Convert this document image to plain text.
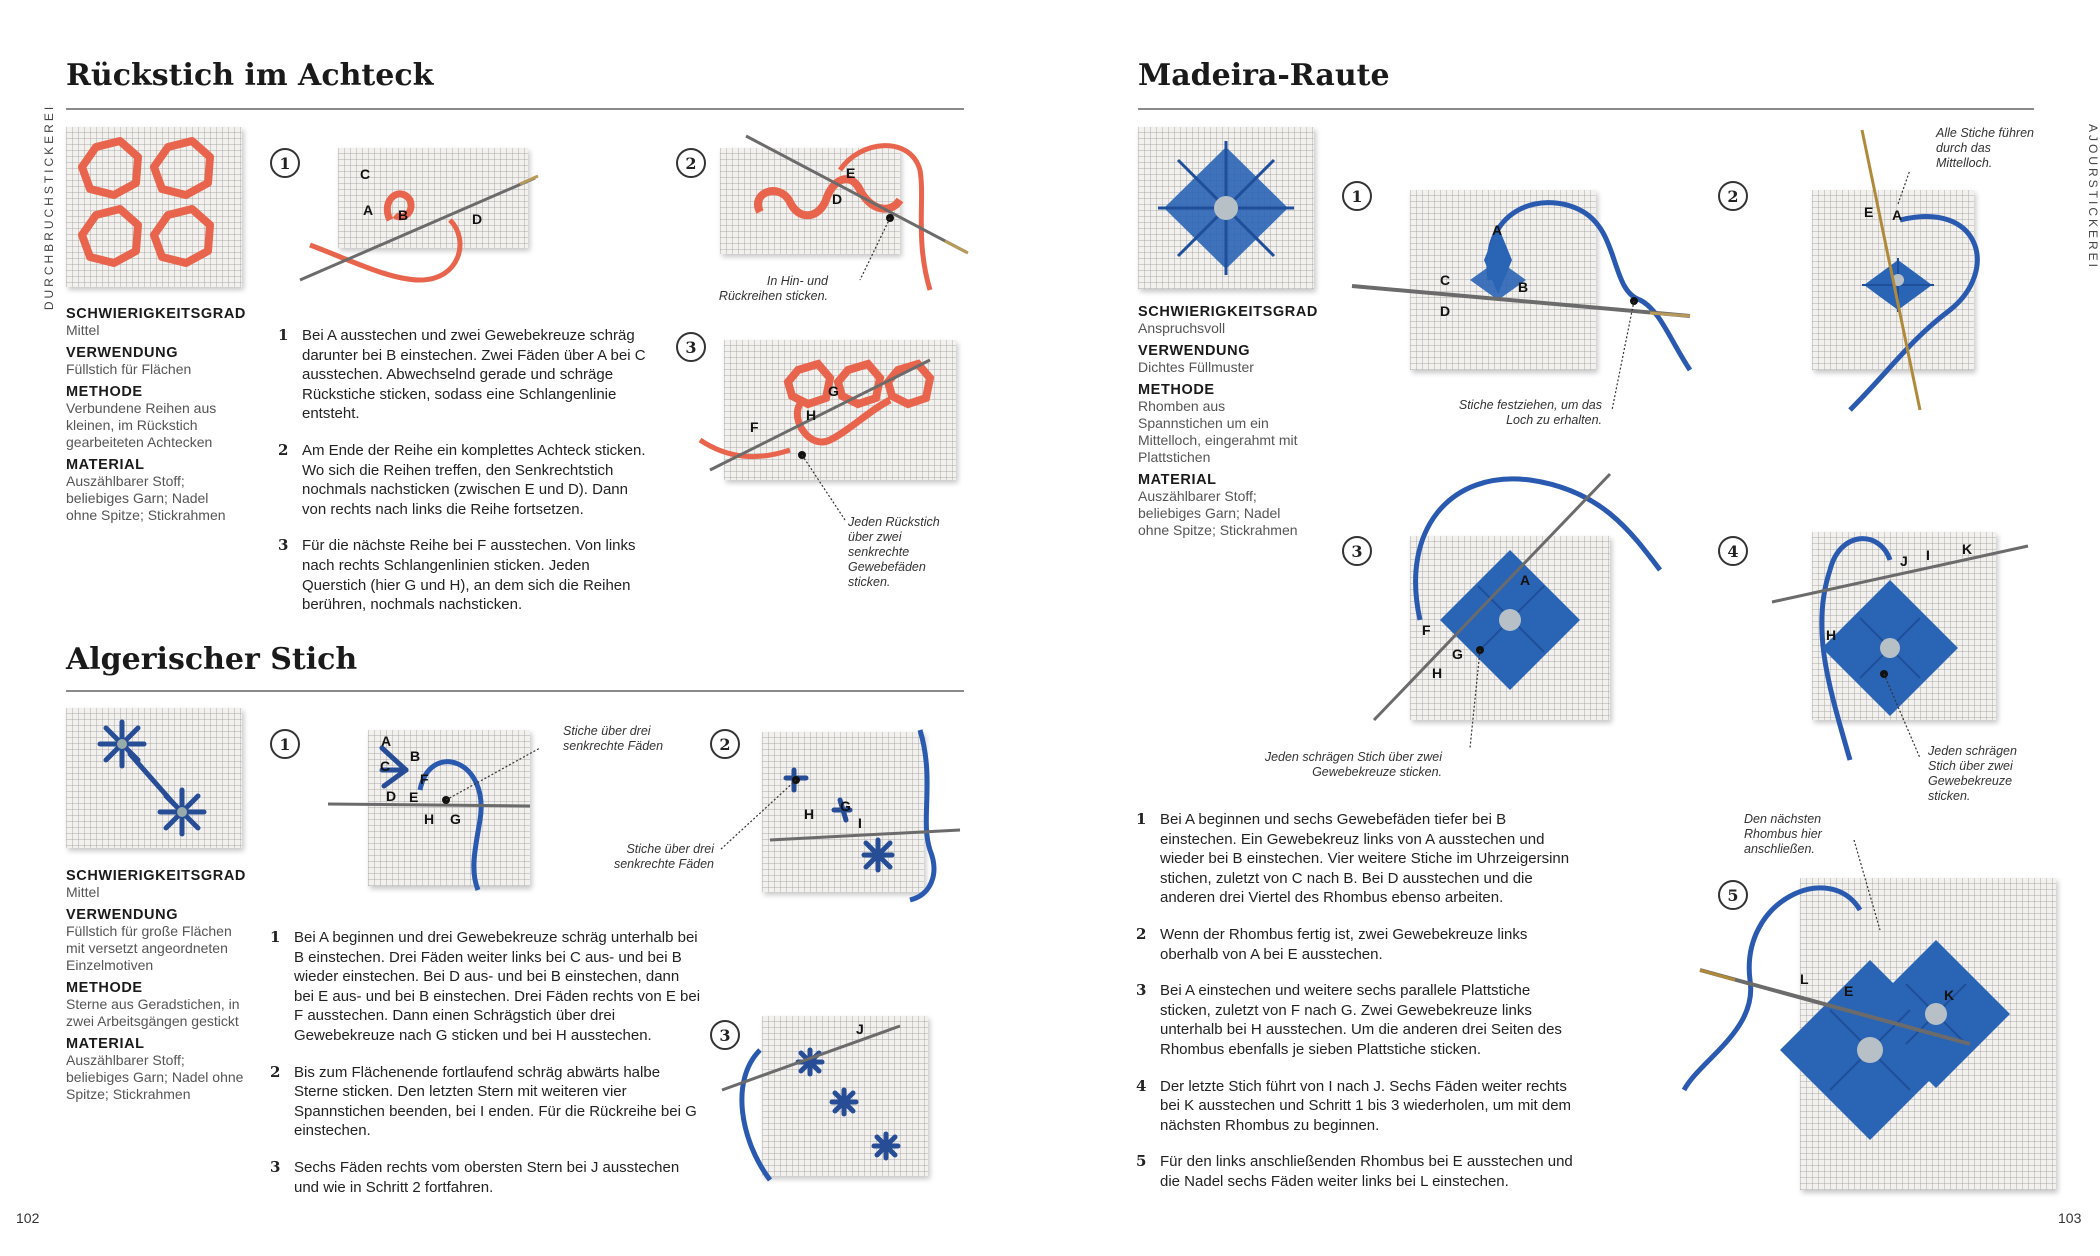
DURCHBRUCHSTICKEREI
102
Rückstich im Achteck
SCHWIERIGKEITSGRAD
Mittel
VERWENDUNG
Füllstich für Flächen
METHODE
Verbundene Reihen aus kleinen, im Rückstich gearbeiteten Achtecken
MATERIAL
Auszählbarer Stoff; beliebiges Garn; Nadel ohne Spitze; Stickrahmen
1 Bei A ausstechen und zwei Gewebekreuze schräg darunter bei B einstechen. Zwei Fäden über A bei C ausstechen. Abwechselnd gerade und schräge Rückstiche sticken, sodass eine Schlangenlinie entsteht.
2 Am Ende der Reihe ein komplettes Achteck sticken. Wo sich die Reihen treffen, den Senkrechtstich nochmals nachsticken (zwischen E und D). Dann von rechts nach links die Reihe fortsetzen.
3 Für die nächste Reihe bei F ausstechen. Von links nach rechts Schlangenlinien sticken. Jeden Querstich (hier G und H), an dem sich die Reihen berühren, nochmals nachsticken.
1
C
A B	D
2
E
D
In Hin- und Rückreihen sticken.
3
G
H
F
Jeden Rückstich über zwei senkrechte Gewebefäden sticken.
Algerischer Stich
SCHWIERIGKEITSGRAD
Mittel
VERWENDUNG
Füllstich für große Flächen mit versetzt angeordneten Einzelmotiven
METHODE
Sterne aus Geradstichen, in zwei Arbeitsgängen gestickt
MATERIAL
Auszählbarer Stoff; beliebiges Garn; Nadel ohne Spitze; Stickrahmen
1 Bei A beginnen und drei Gewebekreuze schräg unterhalb bei B einstechen. Drei Fäden weiter links bei C aus- und bei B wieder einstechen. Bei D aus- und bei B einstechen, dann bei E aus- und bei B einstechen. Drei Fäden rechts von E bei F ausstechen. Dann einen Schrägstich über drei Gewebekreuze nach G sticken und bei H ausstechen.
2 Bis zum Flächenende fortlaufend schräg abwärts halbe Sterne sticken. Den letzten Stern mit weiteren vier Spannstichen beenden, bei I enden. Für die Rückreihe bei G einstechen.
3 Sechs Fäden rechts vom obersten Stern bei J ausstechen und wie in Schritt 2 fortfahren.
1	A
B
C
F
D E
H G
Stiche über drei senkrechte Fäden	2
H G
I
Stiche über drei senkrechte Fäden
3	J
AJOURSTICKEREI
103
Madeira-Raute
SCHWIERIGKEITSGRAD
Anspruchsvoll
VERWENDUNG
Dichtes Füllmuster
METHODE
Rhomben aus Spannstichen um ein Mittelloch, eingerahmt mit Plattstichen
MATERIAL
Auszählbarer Stoff; beliebiges Garn; Nadel ohne Spitze; Stickrahmen
1 Bei A beginnen und sechs Gewebefäden tiefer bei B einstechen. Ein Gewebekreuz links von A ausstechen und wieder bei B einstechen. Vier weitere Stiche im Uhrzeigersinn stichen, zuletzt von C nach B. Bei D ausstechen und die anderen drei Viertel des Rhombus ebenso arbeiten.
2 Wenn der Rhombus fertig ist, zwei Gewebekreuze links oberhalb von A bei E ausstechen.
3 Bei A einstechen und weitere sechs parallele Plattstiche sticken, zuletzt von F nach G. Zwei Gewebekreuze links unterhalb bei H ausstechen. Um die anderen drei Seiten des Rhombus ebenfalls je sieben Plattstiche sticken.
4 Der letzte Stich führt von I nach J. Sechs Fäden weiter rechts bei K ausstechen und Schritt 1 bis 3 wiederholen, um mit dem nächsten Rhombus zu beginnen.
5 Für den links anschließenden Rhombus bei E ausstechen und die Nadel sechs Fäden weiter links bei L einstechen.
1
A
C	B
D
Stiche festziehen, um das Loch zu erhalten.
2
E A
Alle Stiche führen durch das Mittelloch.
3
A
F
G
H
Jeden schrägen Stich über zwei Gewebekreuze sticken.
4
J I K
H
Jeden schrägen Stich über zwei Gewebekreuze sticken.
5
Den nächsten Rhombus hier anschließen.
L
E	K
